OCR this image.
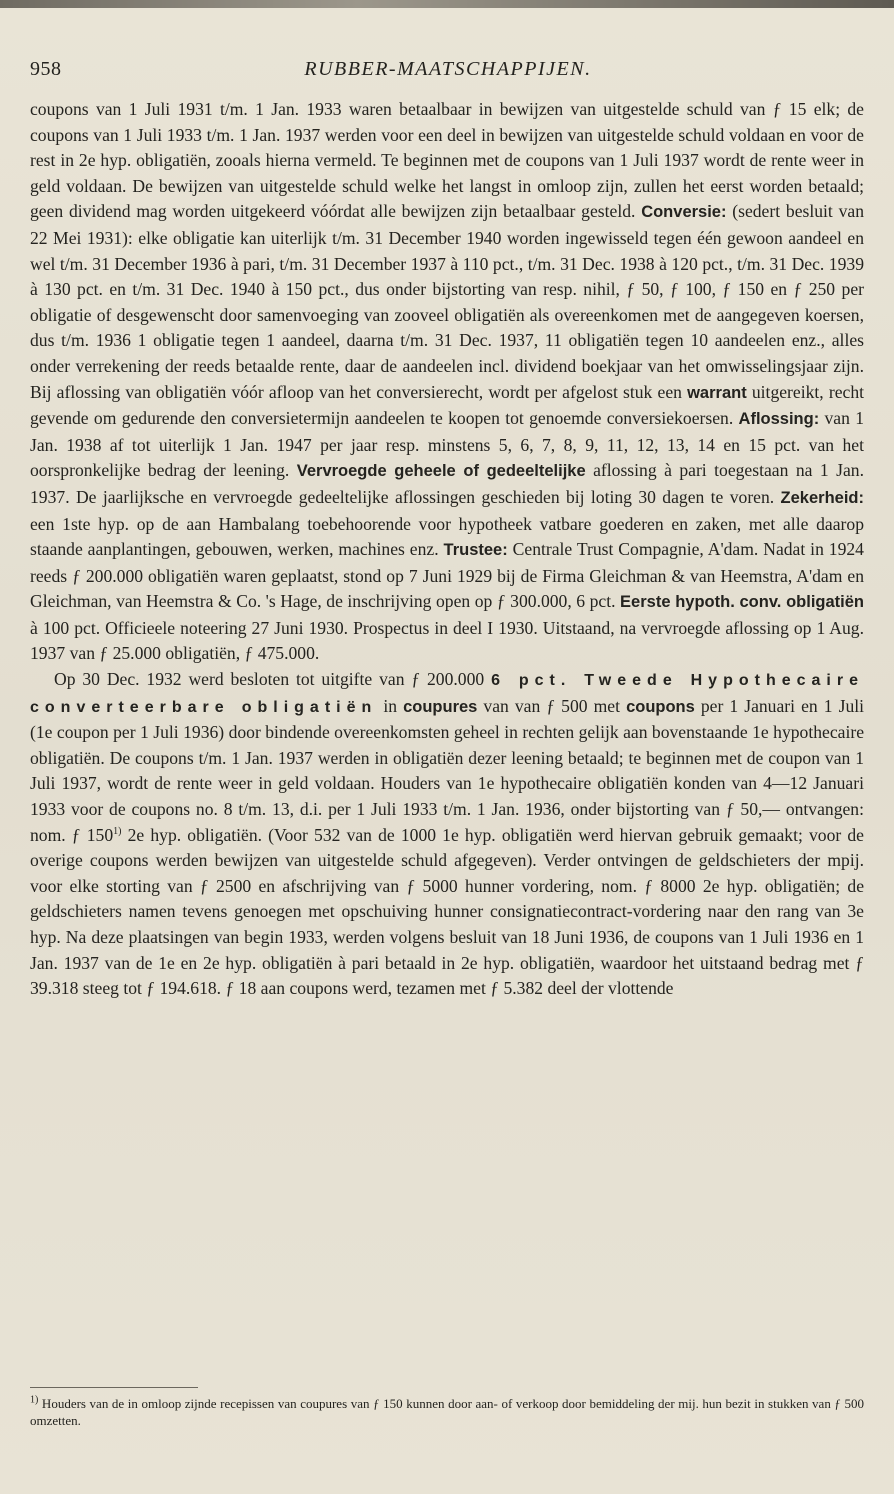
958	RUBBER-MAATSCHAPPIJEN.

coupons van 1 Juli 1931 t/m. 1 Jan. 1933 waren betaalbaar in bewijzen van uitgestelde schuld van ƒ 15 elk; de coupons van 1 Juli 1933 t/m. 1 Jan. 1937 werden voor een deel in bewijzen van uitgestelde schuld voldaan en voor de rest in 2e hyp. obligatiën, zooals hierna vermeld. Te beginnen met de coupons van 1 Juli 1937 wordt de rente weer in geld voldaan. De bewijzen van uitgestelde schuld welke het langst in omloop zijn, zullen het eerst worden betaald; geen dividend mag worden uitgekeerd vóórdat alle bewijzen zijn betaalbaar gesteld. Conversie: (sedert besluit van 22 Mei 1931): elke obligatie kan uiterlijk t/m. 31 December 1940 worden ingewisseld tegen één gewoon aandeel en wel t/m. 31 December 1936 à pari, t/m. 31 December 1937 à 110 pct., t/m. 31 Dec. 1938 à 120 pct., t/m. 31 Dec. 1939 à 130 pct. en t/m. 31 Dec. 1940 à 150 pct., dus onder bijstorting van resp. nihil, ƒ 50, ƒ 100, ƒ 150 en ƒ 250 per obligatie of desgewenscht door samenvoeging van zooveel obligatiën als overeenkomen met de aangegeven koersen, dus t/m. 1936 1 obligatie tegen 1 aandeel, daarna t/m. 31 Dec. 1937, 11 obligatiën tegen 10 aandeelen enz., alles onder verrekening der reeds betaalde rente, daar de aandeelen incl. dividend boekjaar van het omwisselingsjaar zijn. Bij aflossing van obligatiën vóór afloop van het conversierecht, wordt per afgelost stuk een warrant uitgereikt, recht gevende om gedurende den conversietermijn aandeelen te koopen tot genoemde conversiekoersen. Aflossing: van 1 Jan. 1938 af tot uiterlijk 1 Jan. 1947 per jaar resp. minstens 5, 6, 7, 8, 9, 11, 12, 13, 14 en 15 pct. van het oorspronkelijke bedrag der leening. Vervroegde geheele of gedeeltelijke aflossing à pari toegestaan na 1 Jan. 1937. De jaarlijksche en vervroegde gedeeltelijke aflossingen geschieden bij loting 30 dagen te voren. Zekerheid: een 1ste hyp. op de aan Hambalang toebehoorende voor hypotheek vatbare goederen en zaken, met alle daarop staande aanplantingen, gebouwen, werken, machines enz. Trustee: Centrale Trust Compagnie, A'dam. Nadat in 1924 reeds ƒ 200.000 obligatiën waren geplaatst, stond op 7 Juni 1929 bij de Firma Gleichman & van Heemstra, A'dam en Gleichman, van Heemstra & Co. 's Hage, de inschrijving open op ƒ 300.000, 6 pct. Eerste hypoth. conv. obligatiën à 100 pct. Officieele noteering 27 Juni 1930. Prospectus in deel I 1930. Uitstaand, na vervroegde aflossing op 1 Aug. 1937 van ƒ 25.000 obligatiën, ƒ 475.000.

Op 30 Dec. 1932 werd besloten tot uitgifte van ƒ 200.000 6 pct. Tweede Hypothecaire converteerbare obligatiën in coupures van van ƒ 500 met coupons per 1 Januari en 1 Juli (1e coupon per 1 Juli 1936) door bindende overeenkomsten geheel in rechten gelijk aan bovenstaande 1e hypothecaire obligatiën. De coupons t/m. 1 Jan. 1937 werden in obligatiën dezer leening betaald; te beginnen met de coupon van 1 Juli 1937, wordt de rente weer in geld voldaan. Houders van 1e hypothecaire obligatiën konden van 4—12 Januari 1933 voor de coupons no. 8 t/m. 13, d.i. per 1 Juli 1933 t/m. 1 Jan. 1936, onder bijstorting van ƒ 50,— ontvangen: nom. ƒ 150$^{1)}$ 2e hyp. obligatiën. (Voor 532 van de 1000 1e hyp. obligatiën werd hiervan gebruik gemaakt; voor de overige coupons werden bewijzen van uitgestelde schuld afgegeven). Verder ontvingen de geldschieters der mpij. voor elke storting van ƒ 2500 en afschrijving van ƒ 5000 hunner vordering, nom. ƒ 8000 2e hyp. obligatiën; de geldschieters namen tevens genoegen met opschuiving hunner consignatiecontract-vordering naar den rang van 3e hyp. Na deze plaatsingen van begin 1933, werden volgens besluit van 18 Juni 1936, de coupons van 1 Juli 1936 en 1 Jan. 1937 van de 1e en 2e hyp. obligatiën à pari betaald in 2e hyp. obligatiën, waardoor het uitstaand bedrag met ƒ 39.318 steeg tot ƒ 194.618. ƒ 18 aan coupons werd, tezamen met ƒ 5.382 deel der vlottende

$^{1)}$ Houders van de in omloop zijnde recepissen van coupures van ƒ 150 kunnen door aan- of verkoop door bemiddeling der mij. hun bezit in stukken van ƒ 500 omzetten.
